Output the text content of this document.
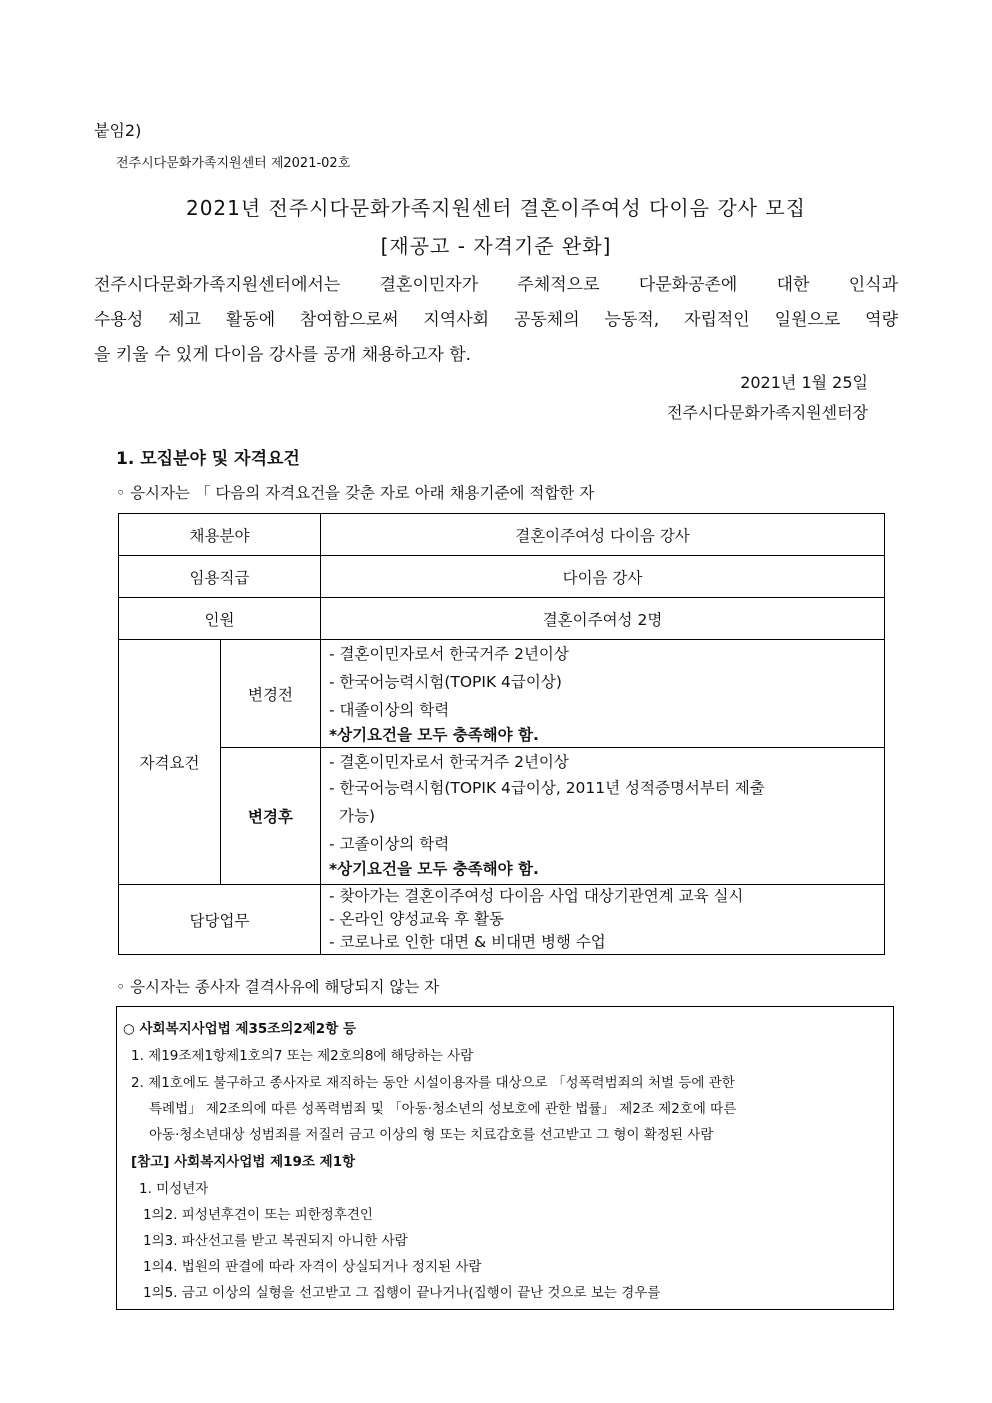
붙임2)
전주시다문화가족지원센터 제2021-02호
2021년 전주시다문화가족지원센터 결혼이주여성 다이음 강사 모집
[재공고 - 자격기준 완화]
전주시다문화가족지원센터에서는 결혼이민자가 주체적으로 다문화공존에 대한 인식과
수용성 제고 활동에 참여함으로써 지역사회 공동체의 능동적, 자립적인 일원으로 역량
을 키울 수 있게 다이음 강사를 공개 채용하고자 함.
2021년 1월 25일
전주시다문화가족지원센터장
1. 모집분야 및 자격요건
◦ 응시자는 「 다음의 자격요건을 갖춘 자로 아래 채용기준에 적합한 자
채용분야		결혼이주여성 다이음 강사
임용직급		다이음 강사
인원		결혼이주여성 2명
자격요건	변경전	- 결혼이민자로서 한국거주 2년이상
- 한국어능력시험(TOPIK 4급이상)
- 대졸이상의 학력
*상기요건을 모두 충족해야 함.

	변경후	- 결혼이민자로서 한국거주 2년이상
- 한국어능력시험(TOPIK 4급이상, 2011년 성적증명서부터 제출
가능)
- 고졸이상의 학력
*상기요건을 모두 충족해야 함.

담당업무		- 찾아가는 결혼이주여성 다이음 사업 대상기관연계 교육 실시
- 온라인 양성교육 후 활동
- 코로나로 인한 대면 & 비대면 병행 수업
◦ 응시자는 종사자 결격사유에 해당되지 않는 자
○ 사회복지사업법 제35조의2제2항 등
1. 제19조제1항제1호의7 또는 제2호의8에 해당하는 사람
2. 제1호에도 불구하고 종사자로 재직하는 동안 시설이용자를 대상으로 「성폭력범죄의 처벌 등에 관한
특례법」 제2조의에 따른 성폭력범죄 및 「아동·청소년의 성보호에 관한 법률」 제2조 제2호에 따른
아동·청소년대상 성범죄를 저질러 금고 이상의 형 또는 치료감호를 선고받고 그 형이 확정된 사람
[참고] 사회복지사업법 제19조 제1항
1. 미성년자
1의2. 피성년후견이 또는 피한정후견인
1의3. 파산선고를 받고 복권되지 아니한 사람
1의4. 법원의 판결에 따라 자격이 상실되거나 정지된 사람
1의5. 금고 이상의 실형을 선고받고 그 집행이 끝나거나(집행이 끝난 것으로 보는 경우를
